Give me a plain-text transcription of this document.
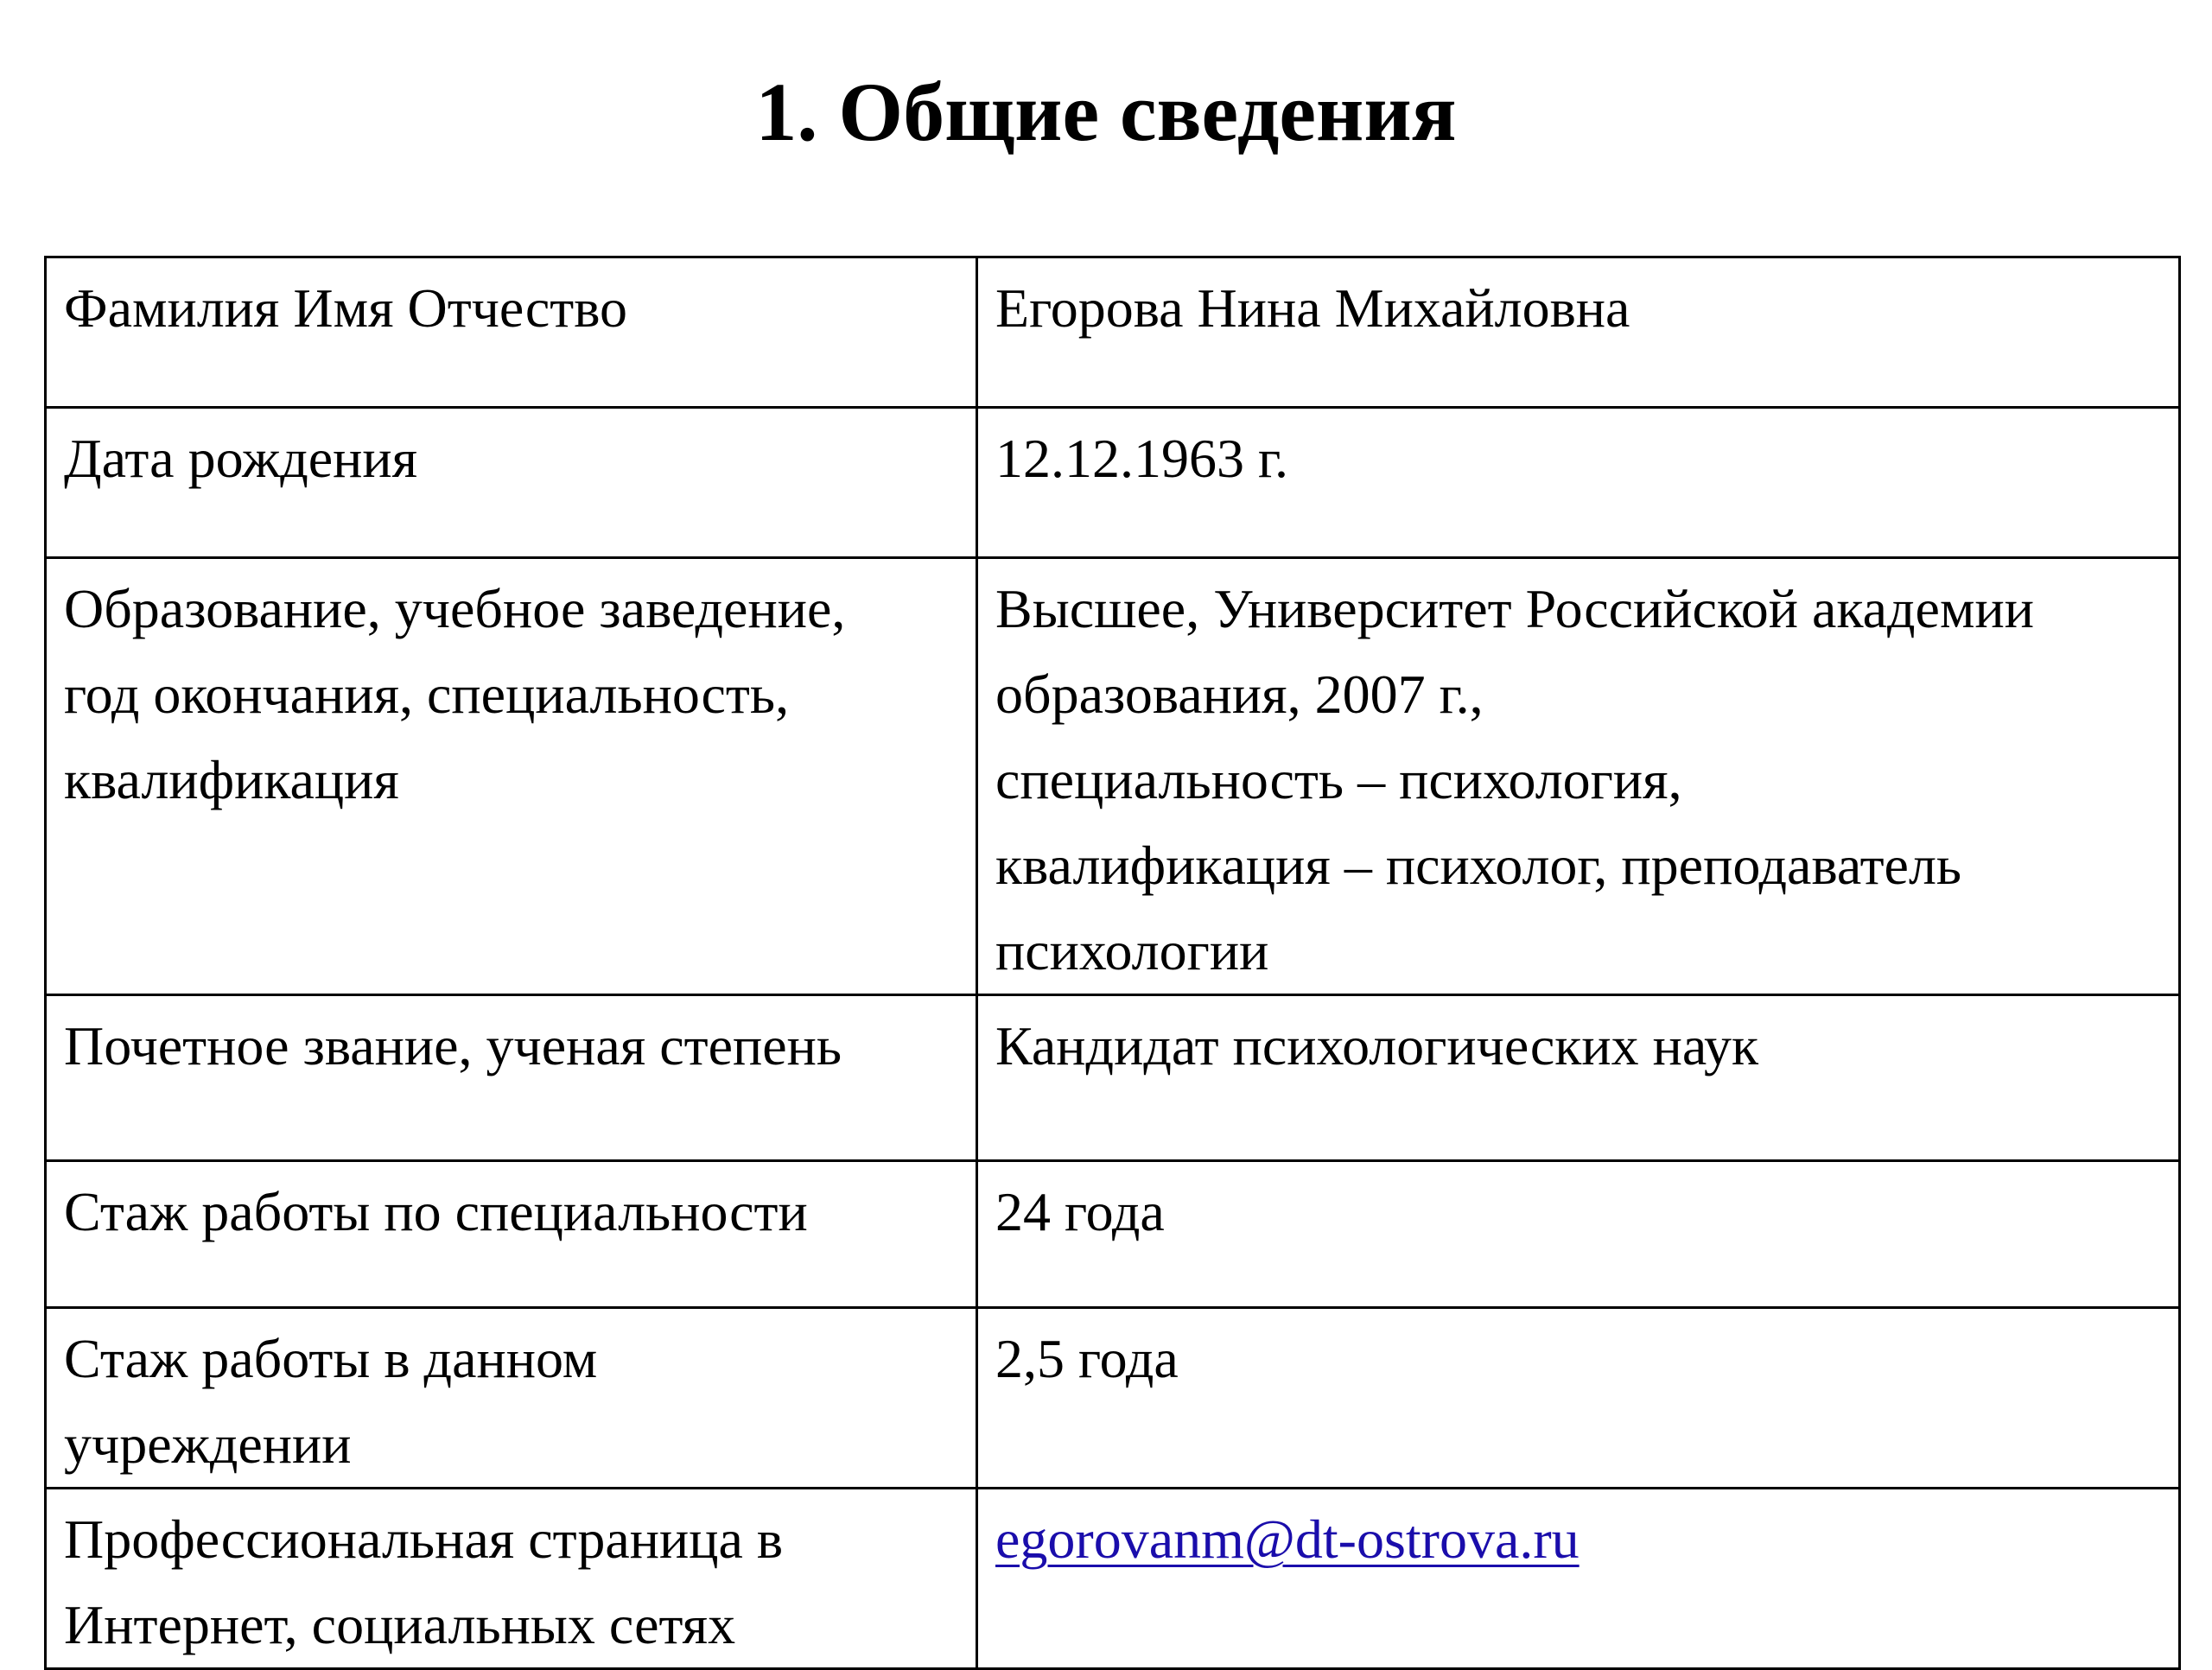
1. Общие сведения
Фамилия Имя Отчество	Егорова Нина Михайловна

Дата рождения	12.12.1963 г.

Образование, учебное заведение,
год окончания, специальность,
квалификация	Высшее, Университет Российской академии
образования, 2007 г.,
специальность – психология,
квалификация – психолог, преподаватель
психологии

Почетное звание, ученая степень	Кандидат психологических наук

Стаж работы по специальности	24 года

Стаж работы в данном
учреждении	2,5 года

Профессиональная страница в
Интернет, социальных сетях	egorovanm@dt-ostrova.ru
